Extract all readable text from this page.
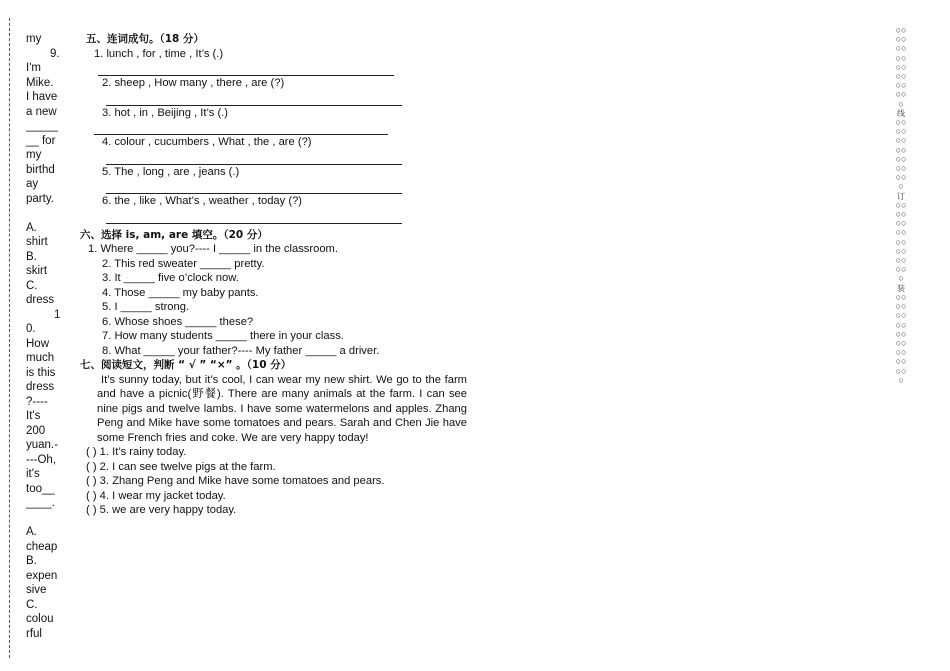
my
9.
I'm
Mike.
I have
a new
_____
__ for
my
birthd
ay
party.
A.
shirt
B.
skirt
C.
dress
1
0.
How
much
is this
dress
?----
It's
200
yuan.-
---Oh,
it's
too__
____.
A.
cheap
B.
expen
sive
C.
colou
rful
五、连词成句。（18 分）
1. lunch , for , time , It’s (.)
2. sheep , How many , there , are (?)
3. hot , in , Beijing , It’s (.)
4. colour , cucumbers , What , the , are (?)
5. The , long , are , jeans (.)
6. the , like , What’s , weather , today (?)
六、选择 is, am, are 填空。（20 分）
1. Where _____ you?---- I _____ in the classroom.
2. This red sweater _____ pretty.
3. It _____ five o’clock now.
4. Those _____ my baby pants.
5. I _____ strong.
6. Whose shoes _____ these?
7. How many students _____ there in your class.
8. What _____ your father?---- My father _____ a driver.
七、阅读短文，判断 “ √ ” “×” 。（10 分）
It’s sunny today, but it’s cool, I can wear my new shirt. We go to the farm and have a picnic(野餐). There are many animals at the farm. I can see nine pigs and twelve lambs. I have some watermelons and apples. Zhang Peng and Mike have some tomatoes and pears. Sarah and Chen Jie have some French fries and coke. We are very happy today!
( ) 1. It’s rainy today.
( ) 2. I can see twelve pigs at the farm.
( ) 3. Zhang Peng and Mike have some tomatoes and pears.
( ) 4. I wear my jacket today.
( ) 5. we are very happy today.
○○○○○○○○○○○○○○○○○
线
○○○○○○○○○○○○○○○
订
○○○○○○○○○○○○○○○○○
装
○○○○○○○○○○○○○○○○○○○
